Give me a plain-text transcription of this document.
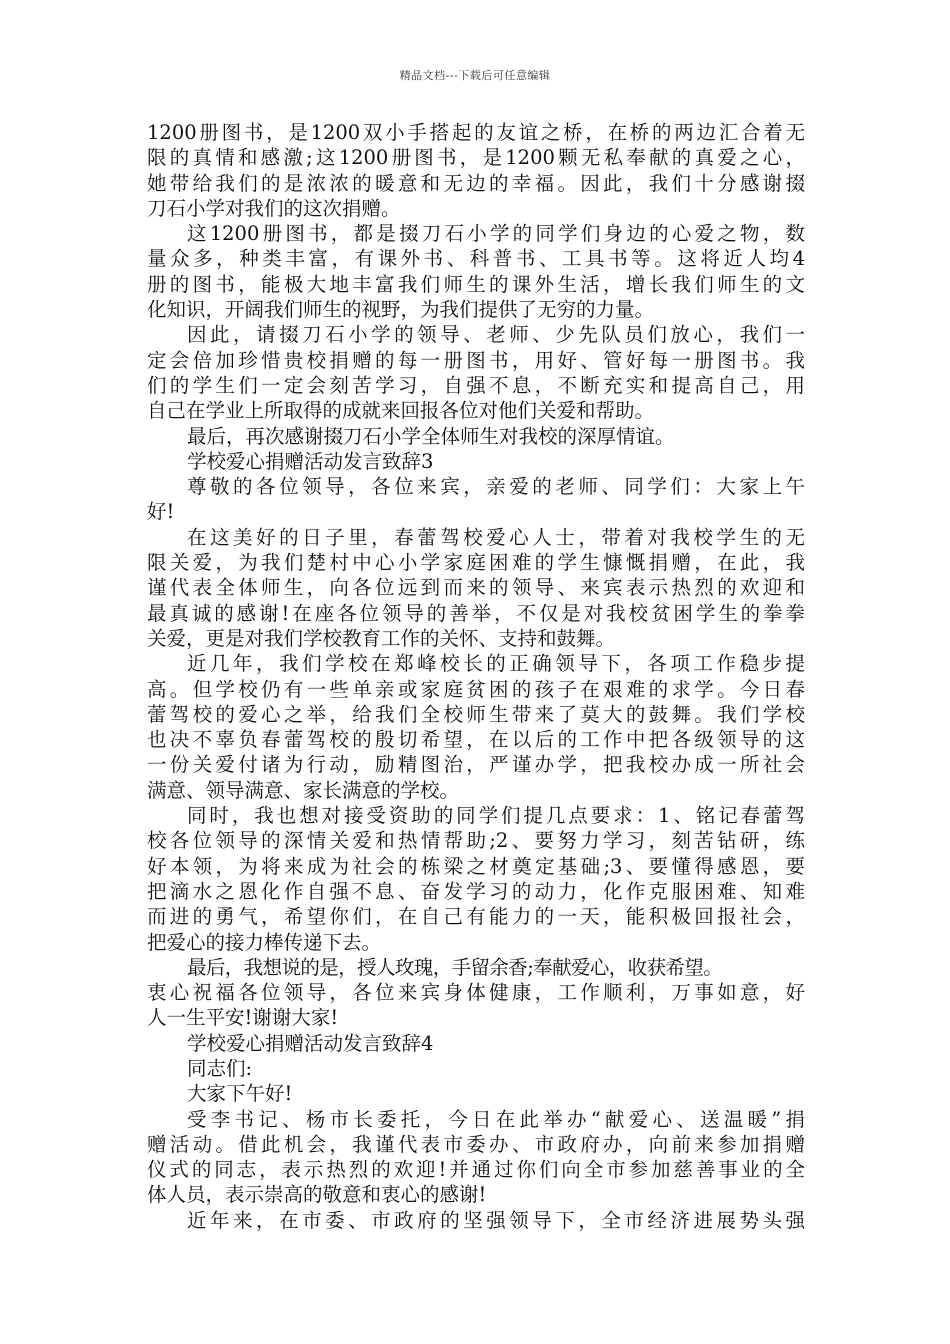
精品文档---下载后可任意编辑
1200册图书，是1200双小手搭起的友谊之桥，在桥的两边汇合着无
限的真情和感激;这1200册图书，是1200颗无私奉献的真爱之心，
她带给我们的是浓浓的暖意和无边的幸福。因此，我们十分感谢掇
刀石小学对我们的这次捐赠。
这1200册图书，都是掇刀石小学的同学们身边的心爱之物，数
量众多，种类丰富，有课外书、科普书、工具书等。这将近人均4
册的图书，能极大地丰富我们师生的课外生活，增长我们师生的文
化知识，开阔我们师生的视野，为我们提供了无穷的力量。
因此，请掇刀石小学的领导、老师、少先队员们放心，我们一
定会倍加珍惜贵校捐赠的每一册图书，用好、管好每一册图书。我
们的学生们一定会刻苦学习，自强不息，不断充实和提高自己，用
自己在学业上所取得的成就来回报各位对他们关爱和帮助。
最后，再次感谢掇刀石小学全体师生对我校的深厚情谊。
学校爱心捐赠活动发言致辞3
尊敬的各位领导，各位来宾，亲爱的老师、同学们：大家上午
好!
在这美好的日子里，春蕾驾校爱心人士，带着对我校学生的无
限关爱，为我们楚村中心小学家庭困难的学生慷慨捐赠，在此，我
谨代表全体师生，向各位远到而来的领导、来宾表示热烈的欢迎和
最真诚的感谢!在座各位领导的善举，不仅是对我校贫困学生的拳拳
关爱，更是对我们学校教育工作的关怀、支持和鼓舞。
近几年，我们学校在郑峰校长的正确领导下，各项工作稳步提
高。但学校仍有一些单亲或家庭贫困的孩子在艰难的求学。今日春
蕾驾校的爱心之举，给我们全校师生带来了莫大的鼓舞。我们学校
也决不辜负春蕾驾校的殷切希望，在以后的工作中把各级领导的这
一份关爱付诸为行动，励精图治，严谨办学，把我校办成一所社会
满意、领导满意、家长满意的学校。
同时，我也想对接受资助的同学们提几点要求：1、铭记春蕾驾
校各位领导的深情关爱和热情帮助;2、要努力学习，刻苦钻研，练
好本领，为将来成为社会的栋梁之材奠定基础;3、要懂得感恩，要
把滴水之恩化作自强不息、奋发学习的动力，化作克服困难、知难
而进的勇气，希望你们，在自己有能力的一天，能积极回报社会，
把爱心的接力棒传递下去。
最后，我想说的是，授人玫瑰，手留余香;奉献爱心，收获希望。
衷心祝福各位领导，各位来宾身体健康，工作顺利，万事如意，好
人一生平安!谢谢大家!
学校爱心捐赠活动发言致辞4
同志们:
大家下午好!
受李书记、杨市长委托，今日在此举办“献爱心、送温暖”捐
赠活动。借此机会，我谨代表市委办、市政府办，向前来参加捐赠
仪式的同志，表示热烈的欢迎!并通过你们向全市参加慈善事业的全
体人员，表示崇高的敬意和衷心的感谢!
近年来，在市委、市政府的坚强领导下，全市经济进展势头强
